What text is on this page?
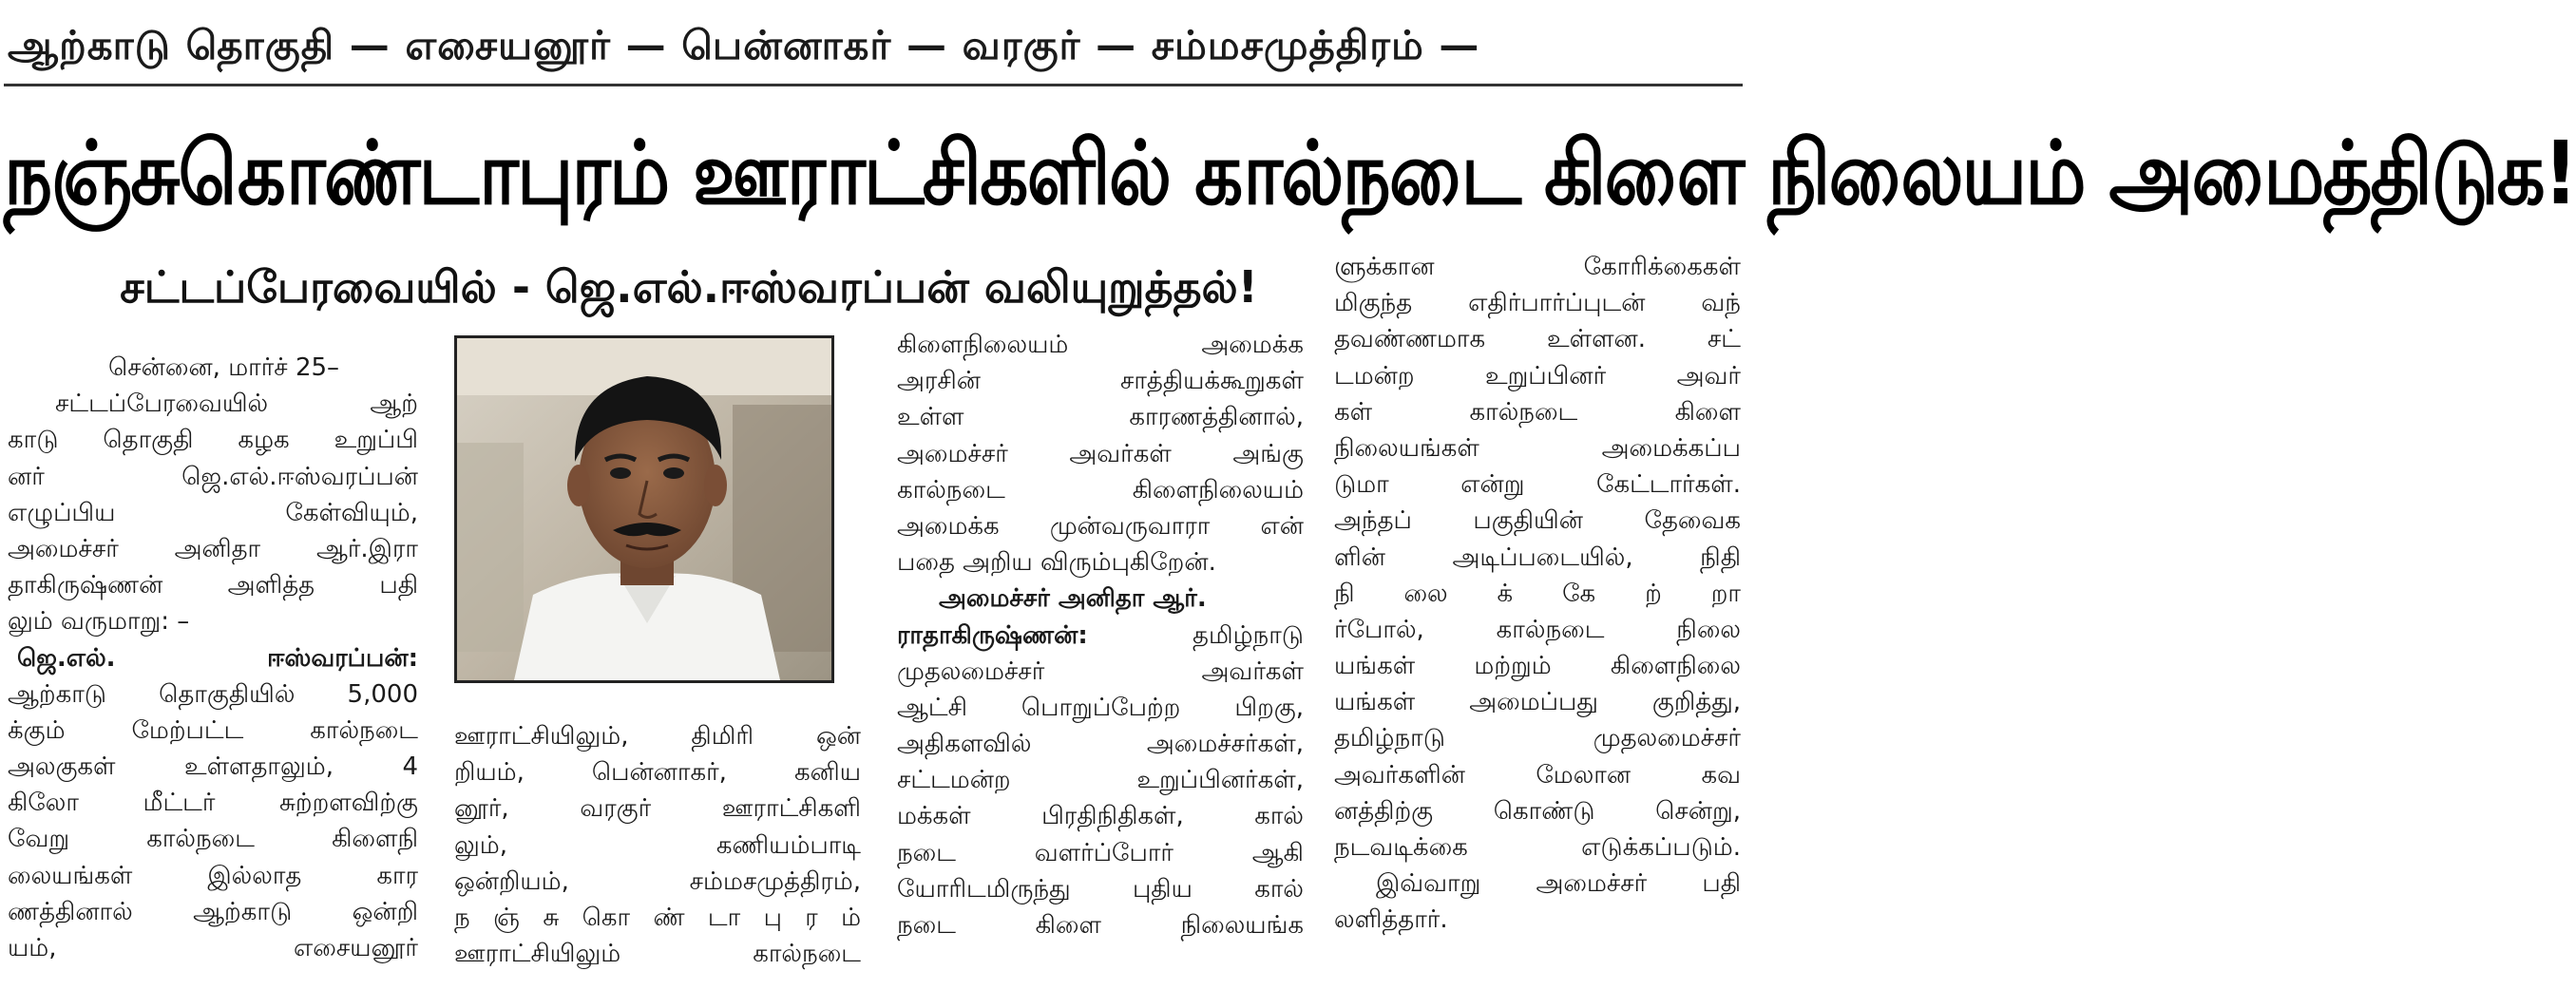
ஆற்காடு தொகுதி — எசையனூர் — பென்னாகர் — வரகுர் — சம்மசமுத்திரம் —
நஞ்சுகொண்டாபுரம் ஊராட்சிகளில் கால்நடை கிளை நிலையம் அமைத்திடுக!
சட்டப்பேரவையில் - ஜெ.எல்.ஈஸ்வரப்பன் வலியுறுத்தல்!
சென்னை, மார்ச் 25–
சட்டப்பேரவையில் ஆற்
காடு தொகுதி கழக உறுப்பி
னர் ஜெ.எல்.ஈஸ்வரப்பன்
எழுப்பிய கேள்வியும்,
அமைச்சர் அனிதா ஆர்.இரா
தாகிருஷ்ணன் அளித்த பதி
லும் வருமாறு: –
ஜெ.எல். ஈஸ்வரப்பன்:
ஆற்காடு தொகுதியில் 5,000
க்கும் மேற்பட்ட கால்நடை
அலகுகள் உள்ளதாலும், 4
கிலோ மீட்டர் சுற்றளவிற்கு
வேறு கால்நடை கிளைநி
லையங்கள் இல்லாத கார
ணத்தினால் ஆற்காடு ஒன்றி
யம், எசையனூர்
ஊராட்சியிலும், திமிரி ஒன்
றியம், பென்னாகர், கனிய
னூர், வரகுர் ஊராட்சிகளி
லும், கணியம்பாடி
ஒன்றியம், சம்மசமுத்திரம்,
ந ஞ் சு கொ ண் டா பு ர ம்
ஊராட்சியிலும் கால்நடை
கிளைநிலையம் அமைக்க
அரசின் சாத்தியக்கூறுகள்
உள்ள காரணத்தினால்,
அமைச்சர் அவர்கள் அங்கு
கால்நடை கிளைநிலையம்
அமைக்க முன்வருவாரா என்
பதை அறிய விரும்புகிறேன்.
அமைச்சர் அனிதா ஆர்.
ராதாகிருஷ்ணன்: தமிழ்நாடு
முதலமைச்சர் அவர்கள்
ஆட்சி பொறுப்பேற்ற பிறகு,
அதிகளவில் அமைச்சர்கள்,
சட்டமன்ற உறுப்பினர்கள்,
மக்கள் பிரதிநிதிகள், கால்
நடை வளர்ப்போர் ஆகி
யோரிடமிருந்து புதிய கால்
நடை கிளை நிலையங்க
ளுக்கான கோரிக்கைகள்
மிகுந்த எதிர்பார்ப்புடன் வந்
தவண்ணமாக உள்ளன. சட்
டமன்ற உறுப்பினர் அவர்
கள் கால்நடை கிளை
நிலையங்கள் அமைக்கப்ப
டுமா என்று கேட்டார்கள்.
அந்தப் பகுதியின் தேவைக
ளின் அடிப்படையில், நிதி
நி லை க் கே ற் றா
ர்போல், கால்நடை நிலை
யங்கள் மற்றும் கிளைநிலை
யங்கள் அமைப்பது குறித்து,
தமிழ்நாடு முதலமைச்சர்
அவர்களின் மேலான கவ
னத்திற்கு கொண்டு சென்று,
நடவடிக்கை எடுக்கப்படும்.
இவ்வாறு அமைச்சர் பதி
லளித்தார்.
